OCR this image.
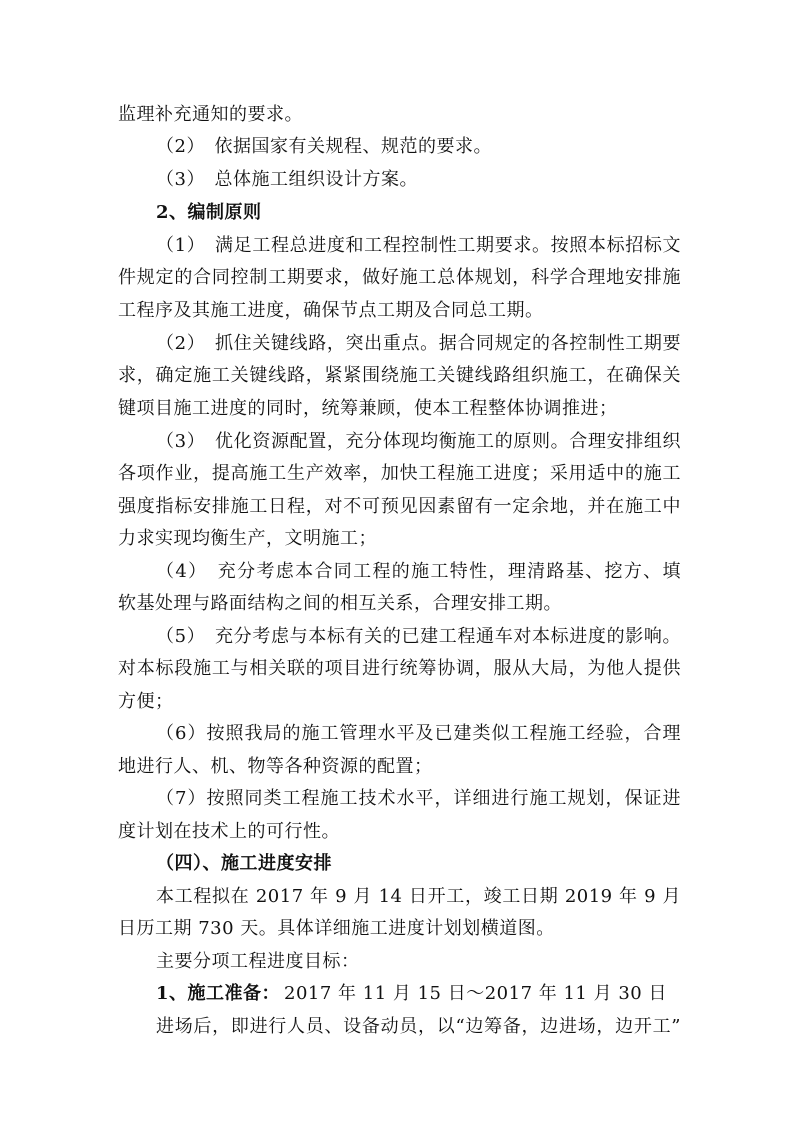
监理补充通知的要求。
（2）　依据国家有关规程、规范的要求。
（3）　总体施工组织设计方案。
2、编制原则
（1）　满足工程总进度和工程控制性工期要求。按照本标招标文
件规定的合同控制工期要求，做好施工总体规划，科学合理地安排施
工程序及其施工进度，确保节点工期及合同总工期。
（2）　抓住关键线路，突出重点。据合同规定的各控制性工期要
求，确定施工关键线路，紧紧围绕施工关键线路组织施工，在确保关
键项目施工进度的同时，统筹兼顾，使本工程整体协调推进；
（3）　优化资源配置，充分体现均衡施工的原则。合理安排组织
各项作业，提高施工生产效率，加快工程施工进度；采用适中的施工
强度指标安排施工日程，对不可预见因素留有一定余地，并在施工中
力求实现均衡生产，文明施工；
（4）　充分考虑本合同工程的施工特性，理清路基、挖方、填
软基处理与路面结构之间的相互关系，合理安排工期。
（5）　充分考虑与本标有关的已建工程通车对本标进度的影响。
对本标段施工与相关联的项目进行统筹协调，服从大局，为他人提供
方便；
（6）按照我局的施工管理水平及已建类似工程施工经验，合理
地进行人、机、物等各种资源的配置；
（7）按照同类工程施工技术水平，详细进行施工规划，保证进
度计划在技术上的可行性。
（四）、施工进度安排
本工程拟在 2017 年 9 月 14 日开工，竣工日期 2019 年 9 月
日历工期 730 天。具体详细施工进度计划划横道图。
主要分项工程进度目标：
1、施工准备： 2017 年 11 月 15 日～2017 年 11 月 30 日
进场后，即进行人员、设备动员，以“边筹备，边进场，边开工”
